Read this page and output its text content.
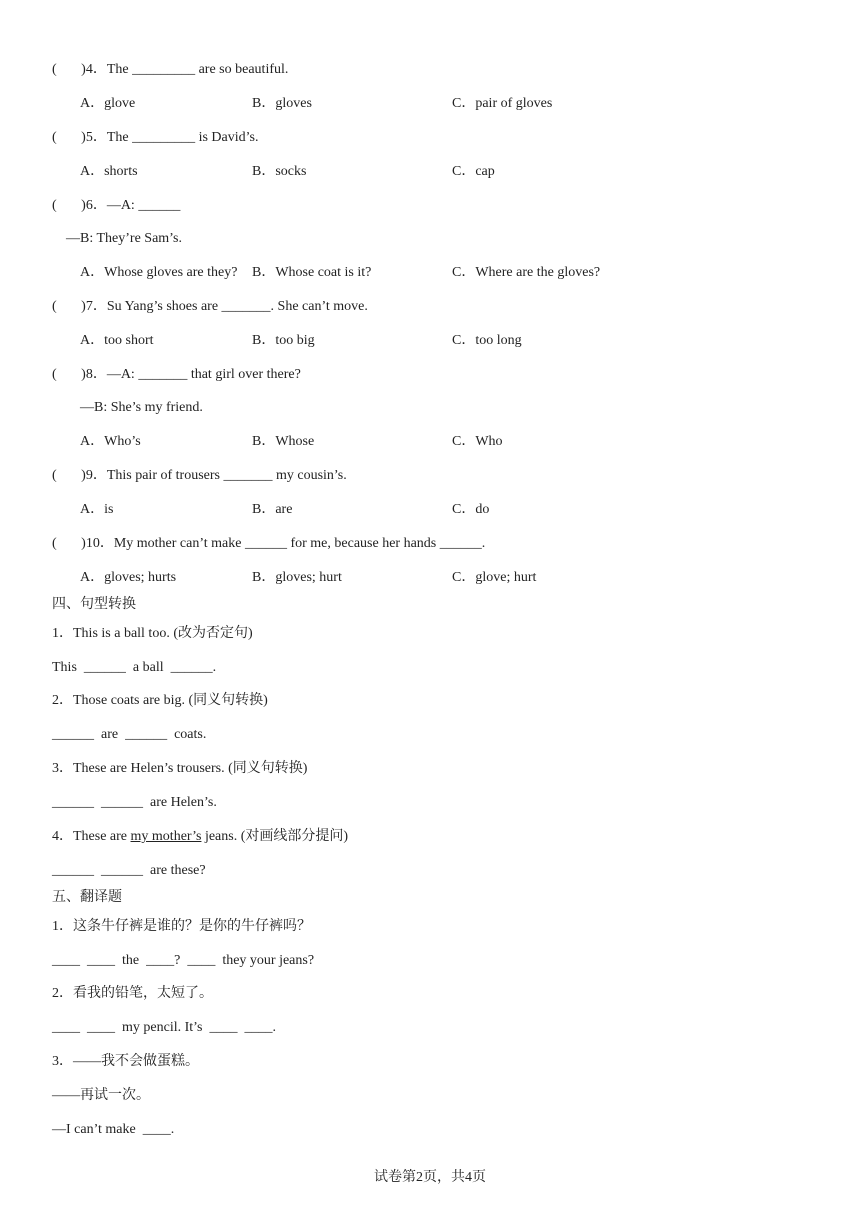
(       )4．The _________ are so beautiful.
A．glove	B．gloves	C．pair of gloves
(       )5．The _________ is David’s.
A．shorts	B．socks	C．cap
(       )6．—A: ______
—B: They’re Sam’s.
A．Whose gloves are they? B．Whose coat is it?	C．Where are the gloves?
(       )7．Su Yang’s shoes are _______. She can’t move.
A．too short	B．too big	C．too long
(       )8．—A: _______ that girl over there?
—B: She’s my friend.
A．Who’s	B．Whose	C．Who
(       )9．This pair of trousers _______ my cousin’s.
A．is	B．are	C．do
(       )10．My mother can’t make ______ for me, because her hands ______.
A．gloves; hurts	B．gloves; hurt	C．glove; hurt
四、句型转换
1．This is a ball too. (改为否定句)
This  ______  a ball  ______.
2．Those coats are big. (同义句转换)
______  are  ______  coats.
3．These are Helen’s trousers. (同义句转换)
______  ______  are Helen’s.
4．These are my mother’s jeans. (对画线部分提问)
______  ______  are these?
五、翻译题
1．这条牛仔裤是谁的？是你的牛仔裤吗？
____  ____  the  ____?  ____  they your jeans?
2．看我的铅笔，太短了。
____  ____  my pencil. It’s  ____  ____.
3．——我不会做蛋糕。
——再试一次。
—I can’t make  ____.
试卷第2页，共4页
